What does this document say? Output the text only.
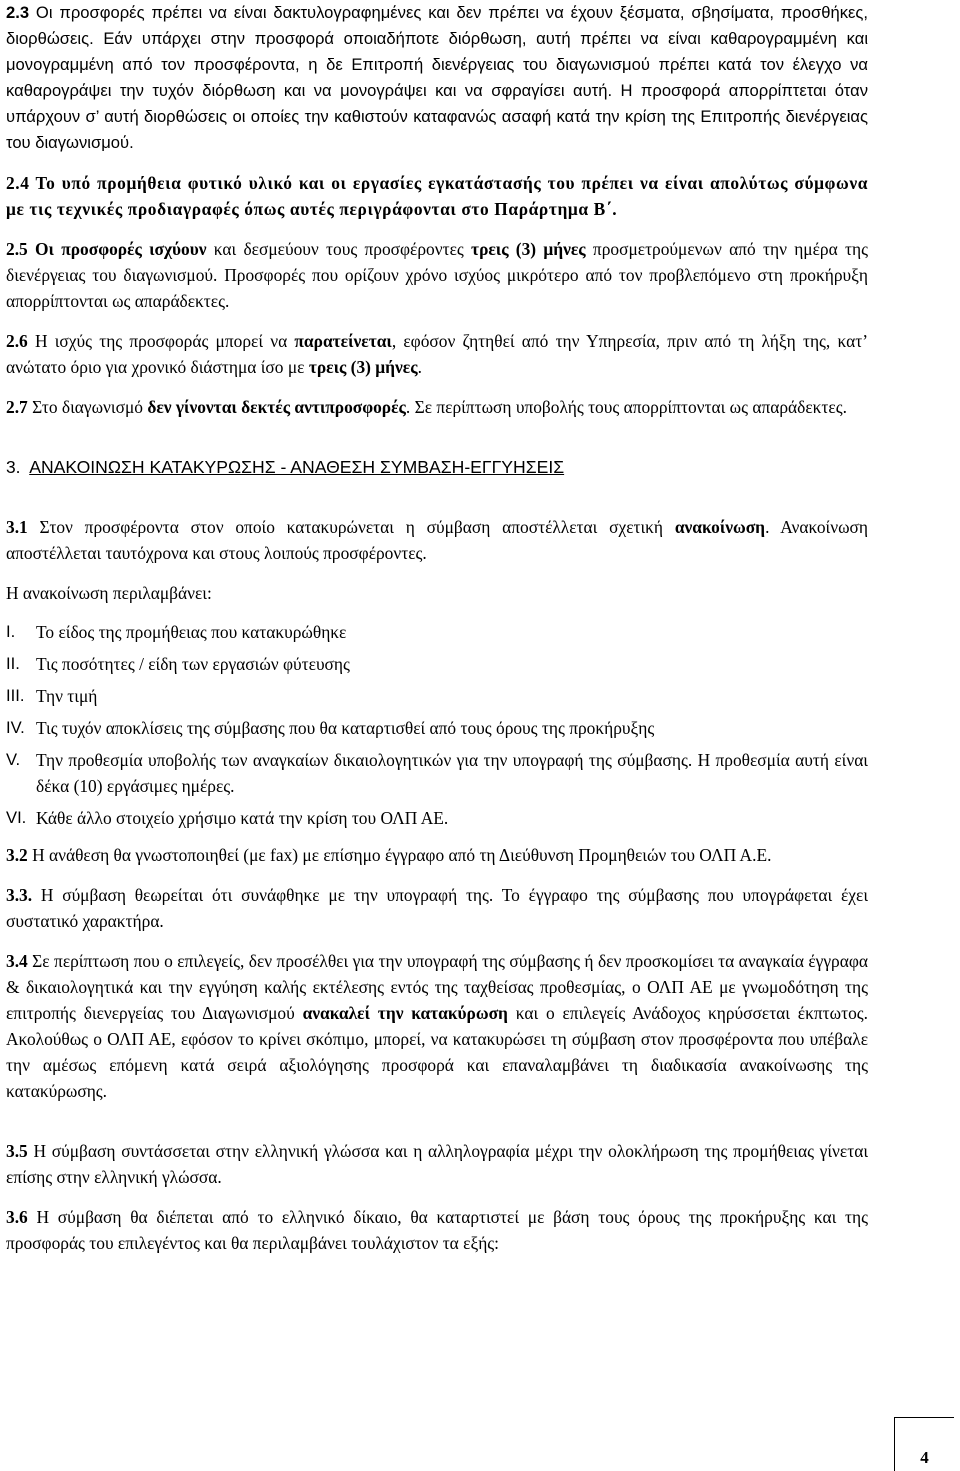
2.3 Οι προσφορές πρέπει να είναι δακτυλογραφημένες και δεν πρέπει να έχουν ξέσματα, σβησίματα, προσθήκες, διορθώσεις. Εάν υπάρχει στην προσφορά οποιαδήποτε διόρθωση, αυτή πρέπει να είναι καθαρογραμμένη και μονογραμμένη από τον προσφέροντα, η δε Επιτροπή διενέργειας του διαγωνισμού πρέπει κατά τον έλεγχο να καθαρογράψει την τυχόν διόρθωση και να μονογράψει και να σφραγίσει αυτή. Η προσφορά απορρίπτεται όταν υπάρχουν σ’ αυτή διορθώσεις οι οποίες την καθιστούν καταφανώς ασαφή κατά την κρίση της Επιτροπής διενέργειας του διαγωνισμού.

2.4 Το υπό προμήθεια φυτικό υλικό και οι εργασίες εγκατάστασής του πρέπει να είναι απολύτως σύμφωνα με τις τεχνικές προδιαγραφές όπως αυτές περιγράφονται στο Παράρτημα Β΄.

2.5 Οι προσφορές ισχύουν και δεσμεύουν τους προσφέροντες τρεις (3) μήνες προσμετρούμενων από την ημέρα της διενέργειας του διαγωνισμού. Προσφορές που ορίζουν χρόνο ισχύος μικρότερο από τον προβλεπόμενο στη προκήρυξη απορρίπτονται ως απαράδεκτες.

2.6 Η ισχύς της προσφοράς μπορεί να παρατείνεται, εφόσον ζητηθεί από την Υπηρεσία, πριν από τη λήξη της, κατ’ ανώτατο όριο για χρονικό διάστημα ίσο με τρεις (3) μήνες.

2.7 Στο διαγωνισμό δεν γίνονται δεκτές αντιπροσφορές. Σε περίπτωση υποβολής τους απορρίπτονται ως απαράδεκτες.

3. ΑΝΑΚΟΙΝΩΣΗ ΚΑΤΑΚΥΡΩΣΗΣ - ΑΝΑΘΕΣΗ ΣΥΜΒΑΣΗ-ΕΓΓΥΗΣΕΙΣ

3.1 Στον προσφέροντα στον οποίο κατακυρώνεται η σύμβαση αποστέλλεται σχετική ανακοίνωση. Ανακοίνωση αποστέλλεται ταυτόχρονα και στους λοιπούς προσφέροντες.

Η ανακοίνωση περιλαμβάνει:

I.	Το είδος της προμήθειας που κατακυρώθηκε
II. Τις ποσότητες / είδη των εργασιών φύτευσης
III. Την τιμή
IV. Τις τυχόν αποκλίσεις της σύμβασης που θα καταρτισθεί από τους όρους της προκήρυξης
V. Την προθεσμία υποβολής των αναγκαίων δικαιολογητικών για την υπογραφή της σύμβασης. Η προθεσμία αυτή είναι δέκα (10) εργάσιμες ημέρες.
VI. Κάθε άλλο στοιχείο χρήσιμο κατά την κρίση του ΟΛΠ ΑΕ.

3.2 Η ανάθεση θα γνωστοποιηθεί (με fax) με επίσημο έγγραφο από τη Διεύθυνση Προμηθειών του ΟΛΠ Α.Ε.

3.3. Η σύμβαση θεωρείται ότι συνάφθηκε με την υπογραφή της. Το έγγραφο της σύμβασης που υπογράφεται έχει συστατικό χαρακτήρα.

3.4 Σε περίπτωση που ο επιλεγείς, δεν προσέλθει για την υπογραφή της σύμβασης ή δεν προσκομίσει τα αναγκαία έγγραφα & δικαιολογητικά και την εγγύηση καλής εκτέλεσης εντός της ταχθείσας προθεσμίας, ο ΟΛΠ ΑΕ με γνωμοδότηση της επιτροπής διενεργείας του Διαγωνισμού ανακαλεί την κατακύρωση και ο επιλεγείς Ανάδοχος κηρύσσεται έκπτωτος. Ακολούθως ο ΟΛΠ ΑΕ, εφόσον το κρίνει σκόπιμο, μπορεί, να κατακυρώσει τη σύμβαση στον προσφέροντα που υπέβαλε την αμέσως επόμενη κατά σειρά αξιολόγησης προσφορά και επαναλαμβάνει τη διαδικασία ανακοίνωσης της κατακύρωσης.

3.5 Η σύμβαση συντάσσεται στην ελληνική γλώσσα και η αλληλογραφία μέχρι την ολοκλήρωση της προμήθειας γίνεται επίσης στην ελληνική γλώσσα.

3.6 Η σύμβαση θα διέπεται από το ελληνικό δίκαιο, θα καταρτιστεί με βάση τους όρους της προκήρυξης και της προσφοράς του επιλεγέντος και θα περιλαμβάνει τουλάχιστον τα εξής:

4
